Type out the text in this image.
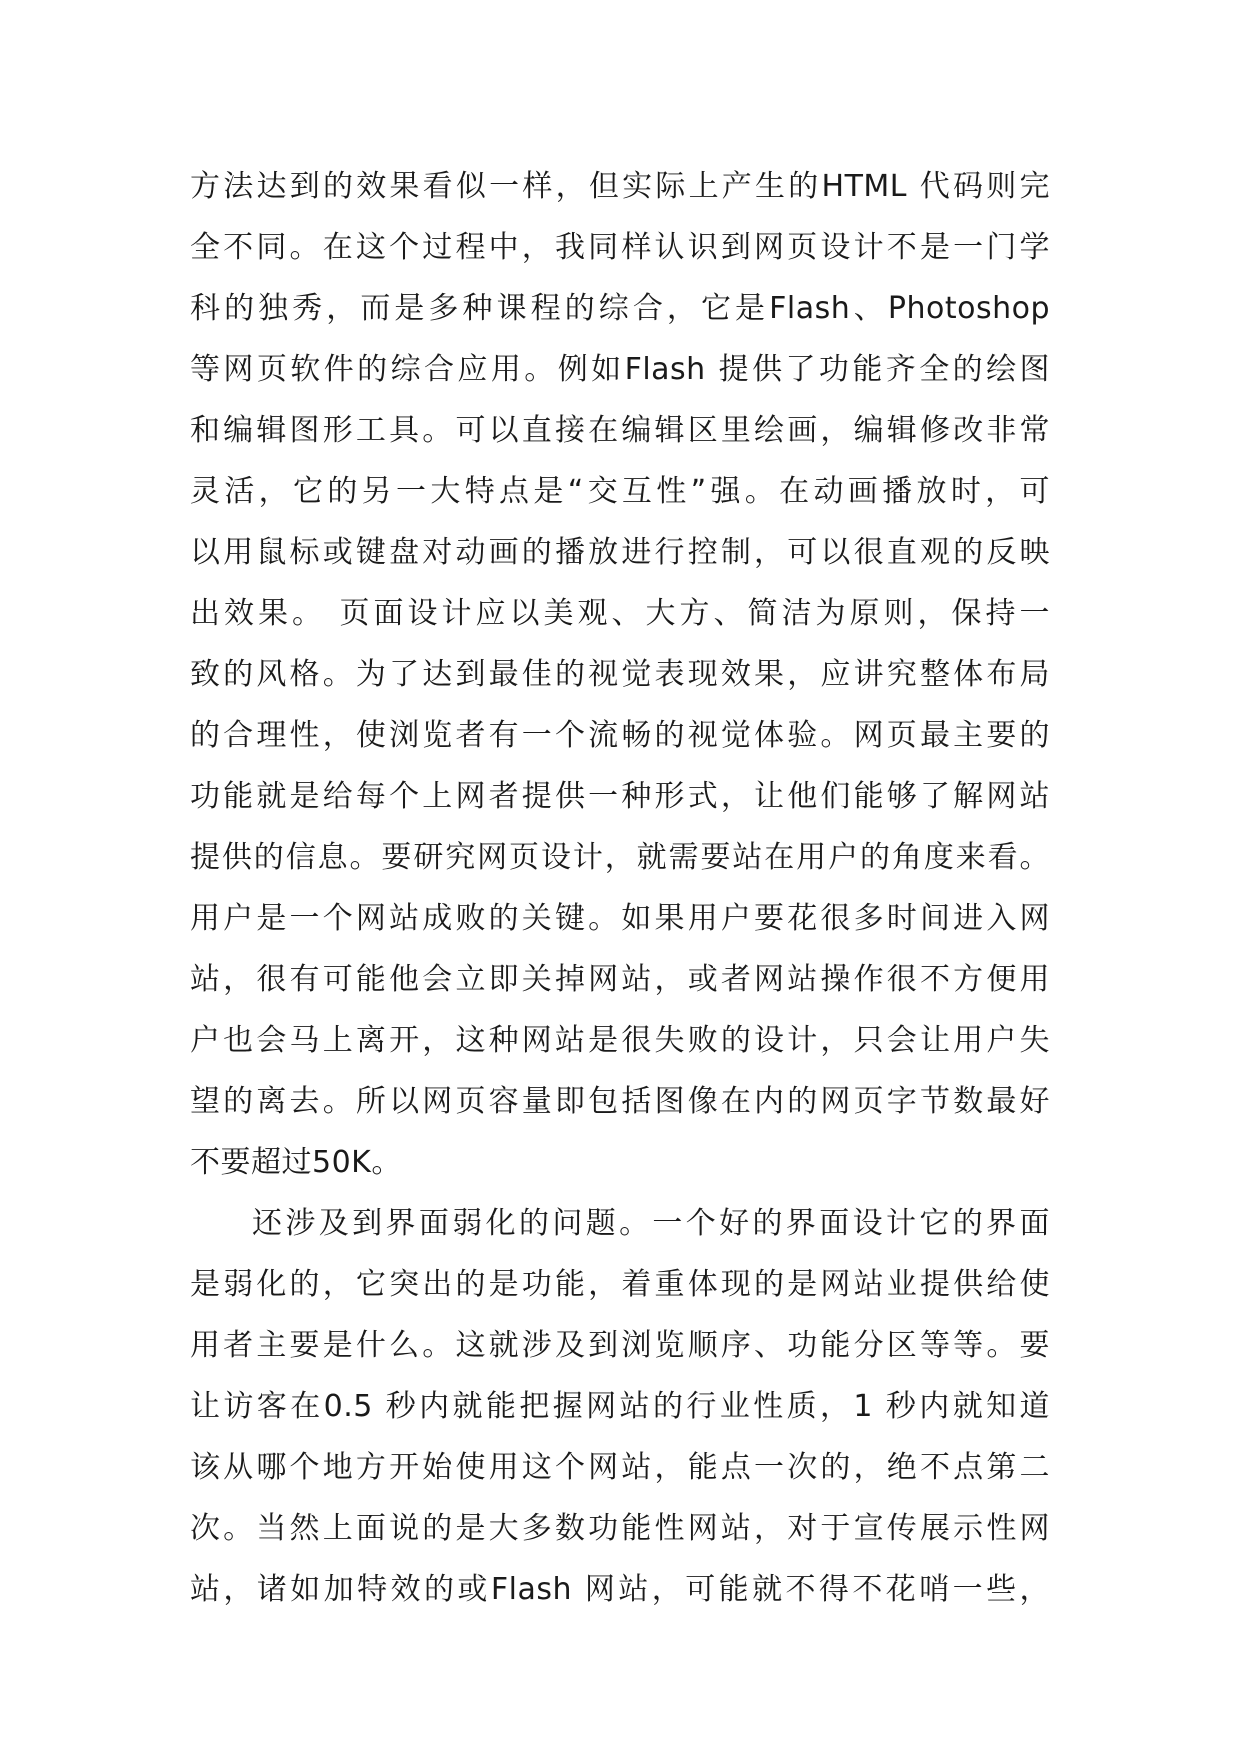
方法达到的效果看似一样，但实际上产生的HTML 代码则完
全不同。在这个过程中，我同样认识到网页设计不是一门学
科的独秀，而是多种课程的综合，它是Flash、Photoshop
等网页软件的综合应用。例如Flash 提供了功能齐全的绘图
和编辑图形工具。可以直接在编辑区里绘画，编辑修改非常
灵活，它的另一大特点是“交互性”强。在动画播放时，可
以用鼠标或键盘对动画的播放进行控制，可以很直观的反映
出效果。 页面设计应以美观、大方、简洁为原则，保持一
致的风格。为了达到最佳的视觉表现效果，应讲究整体布局
的合理性，使浏览者有一个流畅的视觉体验。网页最主要的
功能就是给每个上网者提供一种形式，让他们能够了解网站
提供的信息。要研究网页设计，就需要站在用户的角度来看。
用户是一个网站成败的关键。如果用户要花很多时间进入网
站，很有可能他会立即关掉网站，或者网站操作很不方便用
户也会马上离开，这种网站是很失败的设计，只会让用户失
望的离去。所以网页容量即包括图像在内的网页字节数最好
不要超过50K。
还涉及到界面弱化的问题。一个好的界面设计它的界面
是弱化的，它突出的是功能，着重体现的是网站业提供给使
用者主要是什么。这就涉及到浏览顺序、功能分区等等。要
让访客在0.5 秒内就能把握网站的行业性质，1 秒内就知道
该从哪个地方开始使用这个网站，能点一次的，绝不点第二
次。当然上面说的是大多数功能性网站，对于宣传展示性网
站，诸如加特效的或Flash 网站，可能就不得不花哨一些，
